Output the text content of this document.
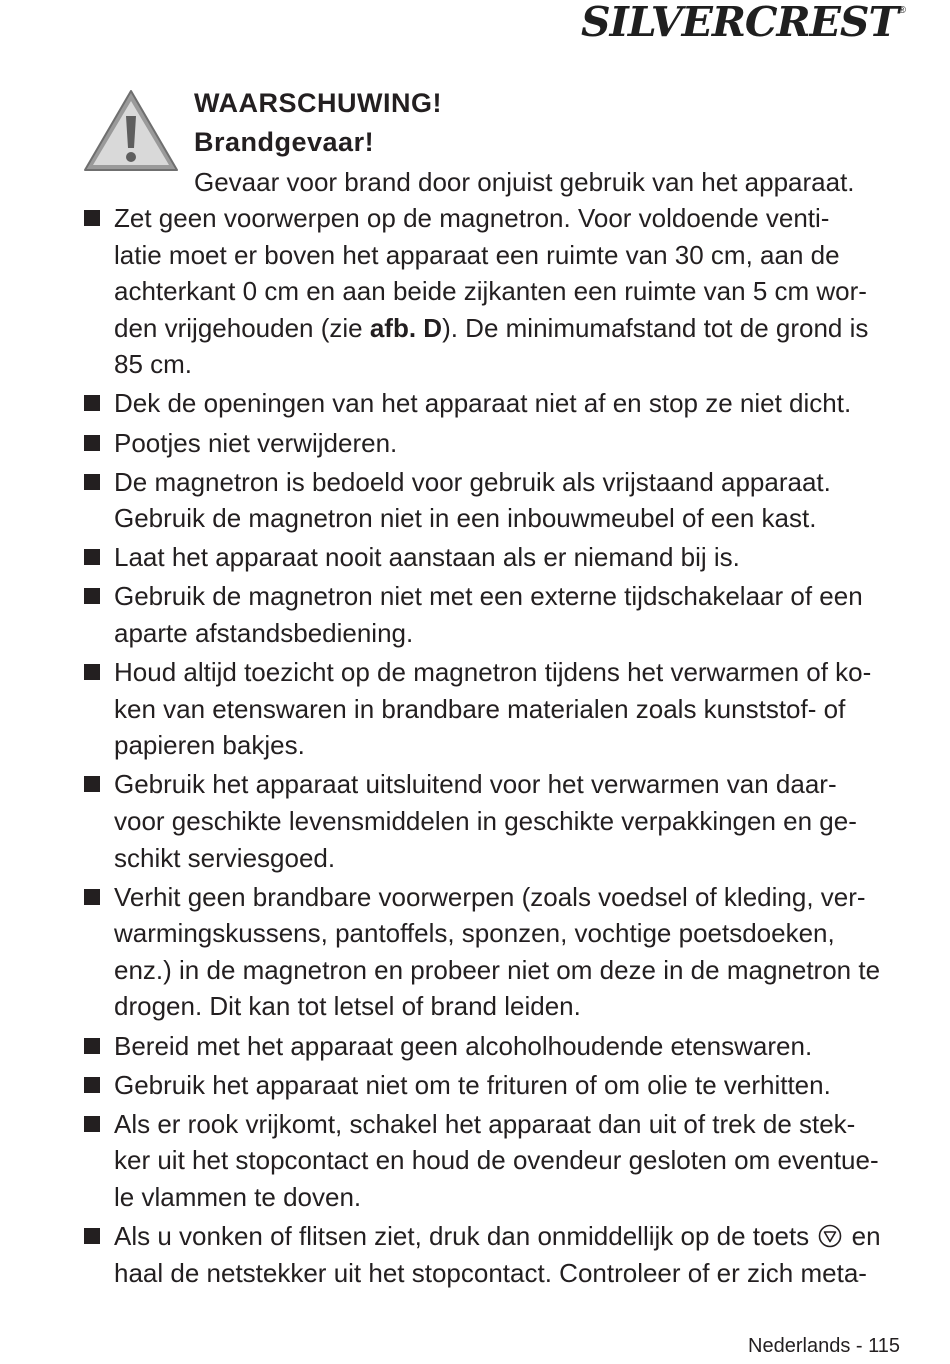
SILVERCREST ®
WAARSCHUWING!
Brandgevaar!
Gevaar voor brand door onjuist gebruik van het apparaat.
Zet geen voorwerpen op de magnetron. Voor voldoende venti-
latie moet er boven het apparaat een ruimte van 30 cm, aan de
achterkant 0 cm en aan beide zijkanten een ruimte van 5 cm wor-
den vrijgehouden (zie afb. D). De minimumafstand tot de grond is
85 cm.
Dek de openingen van het apparaat niet af en stop ze niet dicht.
Pootjes niet verwijderen.
De magnetron is bedoeld voor gebruik als vrijstaand apparaat.
Gebruik de magnetron niet in een inbouwmeubel of een kast.
Laat het apparaat nooit aanstaan als er niemand bij is.
Gebruik de magnetron niet met een externe tijdschakelaar of een
aparte afstandsbediening.
Houd altijd toezicht op de magnetron tijdens het verwarmen of ko-
ken van etenswaren in brandbare materialen zoals kunststof- of
papieren bakjes.
Gebruik het apparaat uitsluitend voor het verwarmen van daar-
voor geschikte levensmiddelen in geschikte verpakkingen en ge-
schikt serviesgoed.
Verhit geen brandbare voorwerpen (zoals voedsel of kleding, ver-
warmingskussens, pantoffels, sponzen, vochtige poetsdoeken,
enz.) in de magnetron en probeer niet om deze in de magnetron te
drogen. Dit kan tot letsel of brand leiden.
Bereid met het apparaat geen alcoholhoudende etenswaren.
Gebruik het apparaat niet om te frituren of om olie te verhitten.
Als er rook vrijkomt, schakel het apparaat dan uit of trek de stek-
ker uit het stopcontact en houd de ovendeur gesloten om eventue-
le vlammen te doven.
Als u vonken of flitsen ziet, druk dan onmiddellijk op de toets en
haal de netstekker uit het stopcontact. Controleer of er zich meta-
Nederlands - 115
